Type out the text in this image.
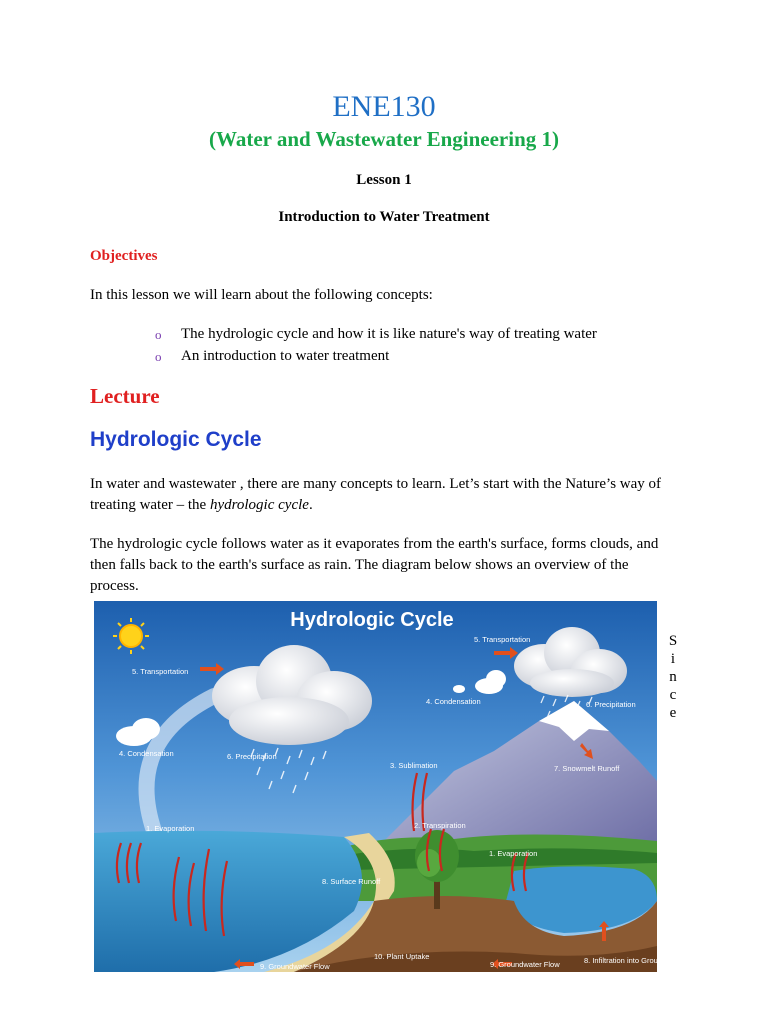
ENE130
(Water and Wastewater Engineering 1)
Lesson 1
Introduction to Water Treatment
Objectives
In this lesson we will learn about the following concepts:
o The hydrologic cycle and how it is like nature's way of treating water
o An introduction to water treatment
Lecture
Hydrologic Cycle
In water and wastewater , there are many concepts to learn. Let’s start with the Nature’s way of treating water – the hydrologic cycle.
The hydrologic cycle follows water as it evaporates from the earth's surface, forms clouds, and then falls back to the earth's surface as rain. The diagram below shows an overview of the process.
Hydrologic Cycle
5. Transportation
5. Transportation
4. Condensation
4. Condensation
6. Precipitation
6. Precipitation
3. Sublimation	7. Snowmelt Runoff
1. Evaporation
1. Evaporation
2. Transpiration
8. Surface Runoff
9. Groundwater Flow
10. Plant Uptake
9. Groundwater Flow	8. Infiltration into Groundwater
S
i
n
c
e
